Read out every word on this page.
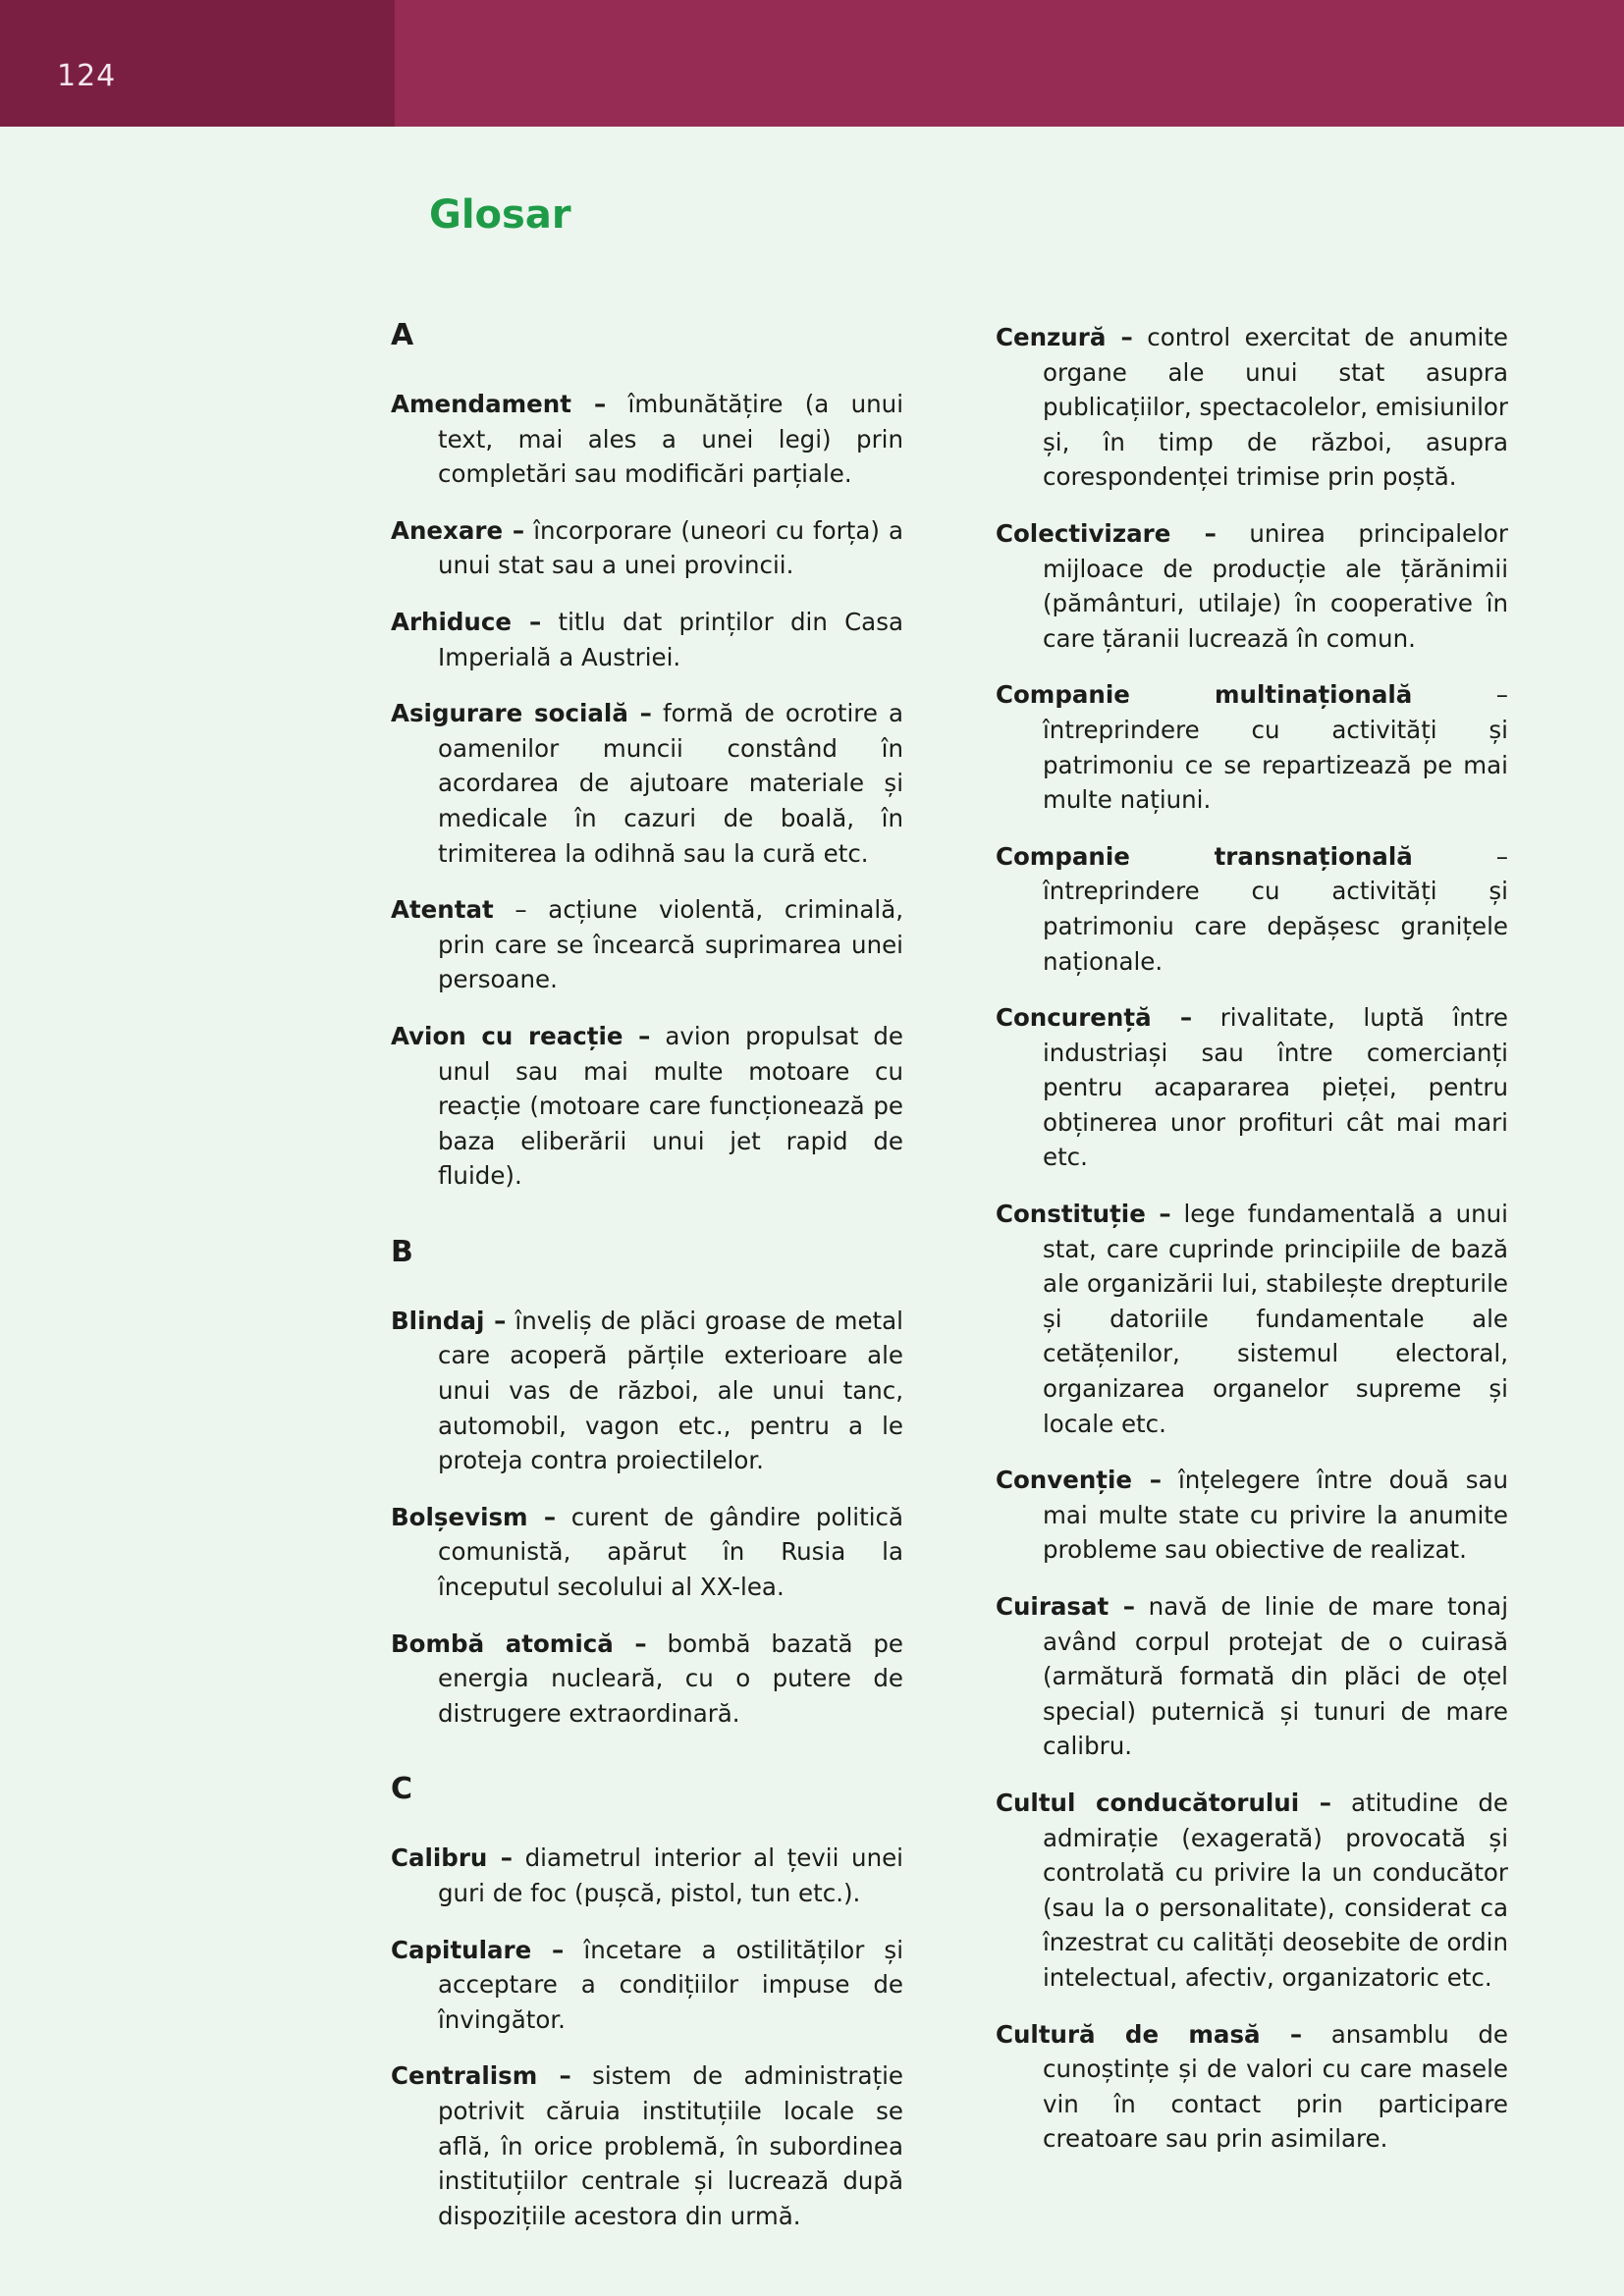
124
Glosar
A

Amendament – îmbunătățire (a unui text, mai ales a unei legi) prin completări sau modificări parțiale.

Anexare – încorporare (uneori cu forța) a unui stat sau a unei provincii.

Arhiduce – titlu dat prinților din Casa Imperială a Austriei.

Asigurare socială – formă de ocrotire a oamenilor muncii constând în acordarea de ajutoare materiale și medicale în cazuri de boală, în trimiterea la odihnă sau la cură etc.

Atentat – acțiune violentă, criminală, prin care se încearcă suprimarea unei persoane.

Avion cu reacție – avion propulsat de unul sau mai multe motoare cu reacție (motoare care funcționează pe baza eliberării unui jet rapid de fluide).

B

Blindaj – înveliș de plăci groase de metal care acoperă părțile exterioare ale unui vas de război, ale unui tanc, automobil, vagon etc., pentru a le proteja contra proiectilelor.

Bolșevism – curent de gândire politică comunistă, apărut în Rusia la începutul secolului al XX-lea.

Bombă atomică – bombă bazată pe energia nucleară, cu o putere de distrugere extraordinară.

C

Calibru – diametrul interior al țevii unei guri de foc (pușcă, pistol, tun etc.).

Capitulare – încetare a ostilităților și acceptare a condițiilor impuse de învingător.

Centralism – sistem de administrație potrivit căruia instituțiile locale se află, în orice problemă, în subordinea instituțiilor centrale și lucrează după dispozițiile acestora din urmă.

Cenzură – control exercitat de anumite organe ale unui stat asupra publicațiilor, spectacolelor, emisiunilor și, în timp de război, asupra corespondenței trimise prin poștă.

Colectivizare – unirea principalelor mijloace de producție ale țărănimii (pământuri, utilaje) în cooperative în care țăranii lucrează în comun.

Companie multinațională – întreprindere cu activități și patrimoniu ce se repartizează pe mai multe națiuni.

Companie transnațională – întreprindere cu activități și patrimoniu care depășesc granițele naționale.

Concurență – rivalitate, luptă între industriași sau între comercianți pentru acapararea pieței, pentru obținerea unor profituri cât mai mari etc.

Constituție – lege fundamentală a unui stat, care cuprinde principiile de bază ale organizării lui, stabilește drepturile și datoriile fundamentale ale cetățenilor, sistemul electoral, organizarea organelor supreme și locale etc.

Convenție – înțelegere între două sau mai multe state cu privire la anumite probleme sau obiective de realizat.

Cuirasat – navă de linie de mare tonaj având corpul protejat de o cuirasă (armătură formată din plăci de oțel special) puternică și tunuri de mare calibru.

Cultul conducătorului – atitudine de admirație (exagerată) provocată și controlată cu privire la un conducător (sau la o personalitate), considerat ca înzestrat cu calități deosebite de ordin intelectual, afectiv, organizatoric etc.

Cultură de masă – ansamblu de cunoștințe și de valori cu care masele vin în contact prin participare creatoare sau prin asimilare.
